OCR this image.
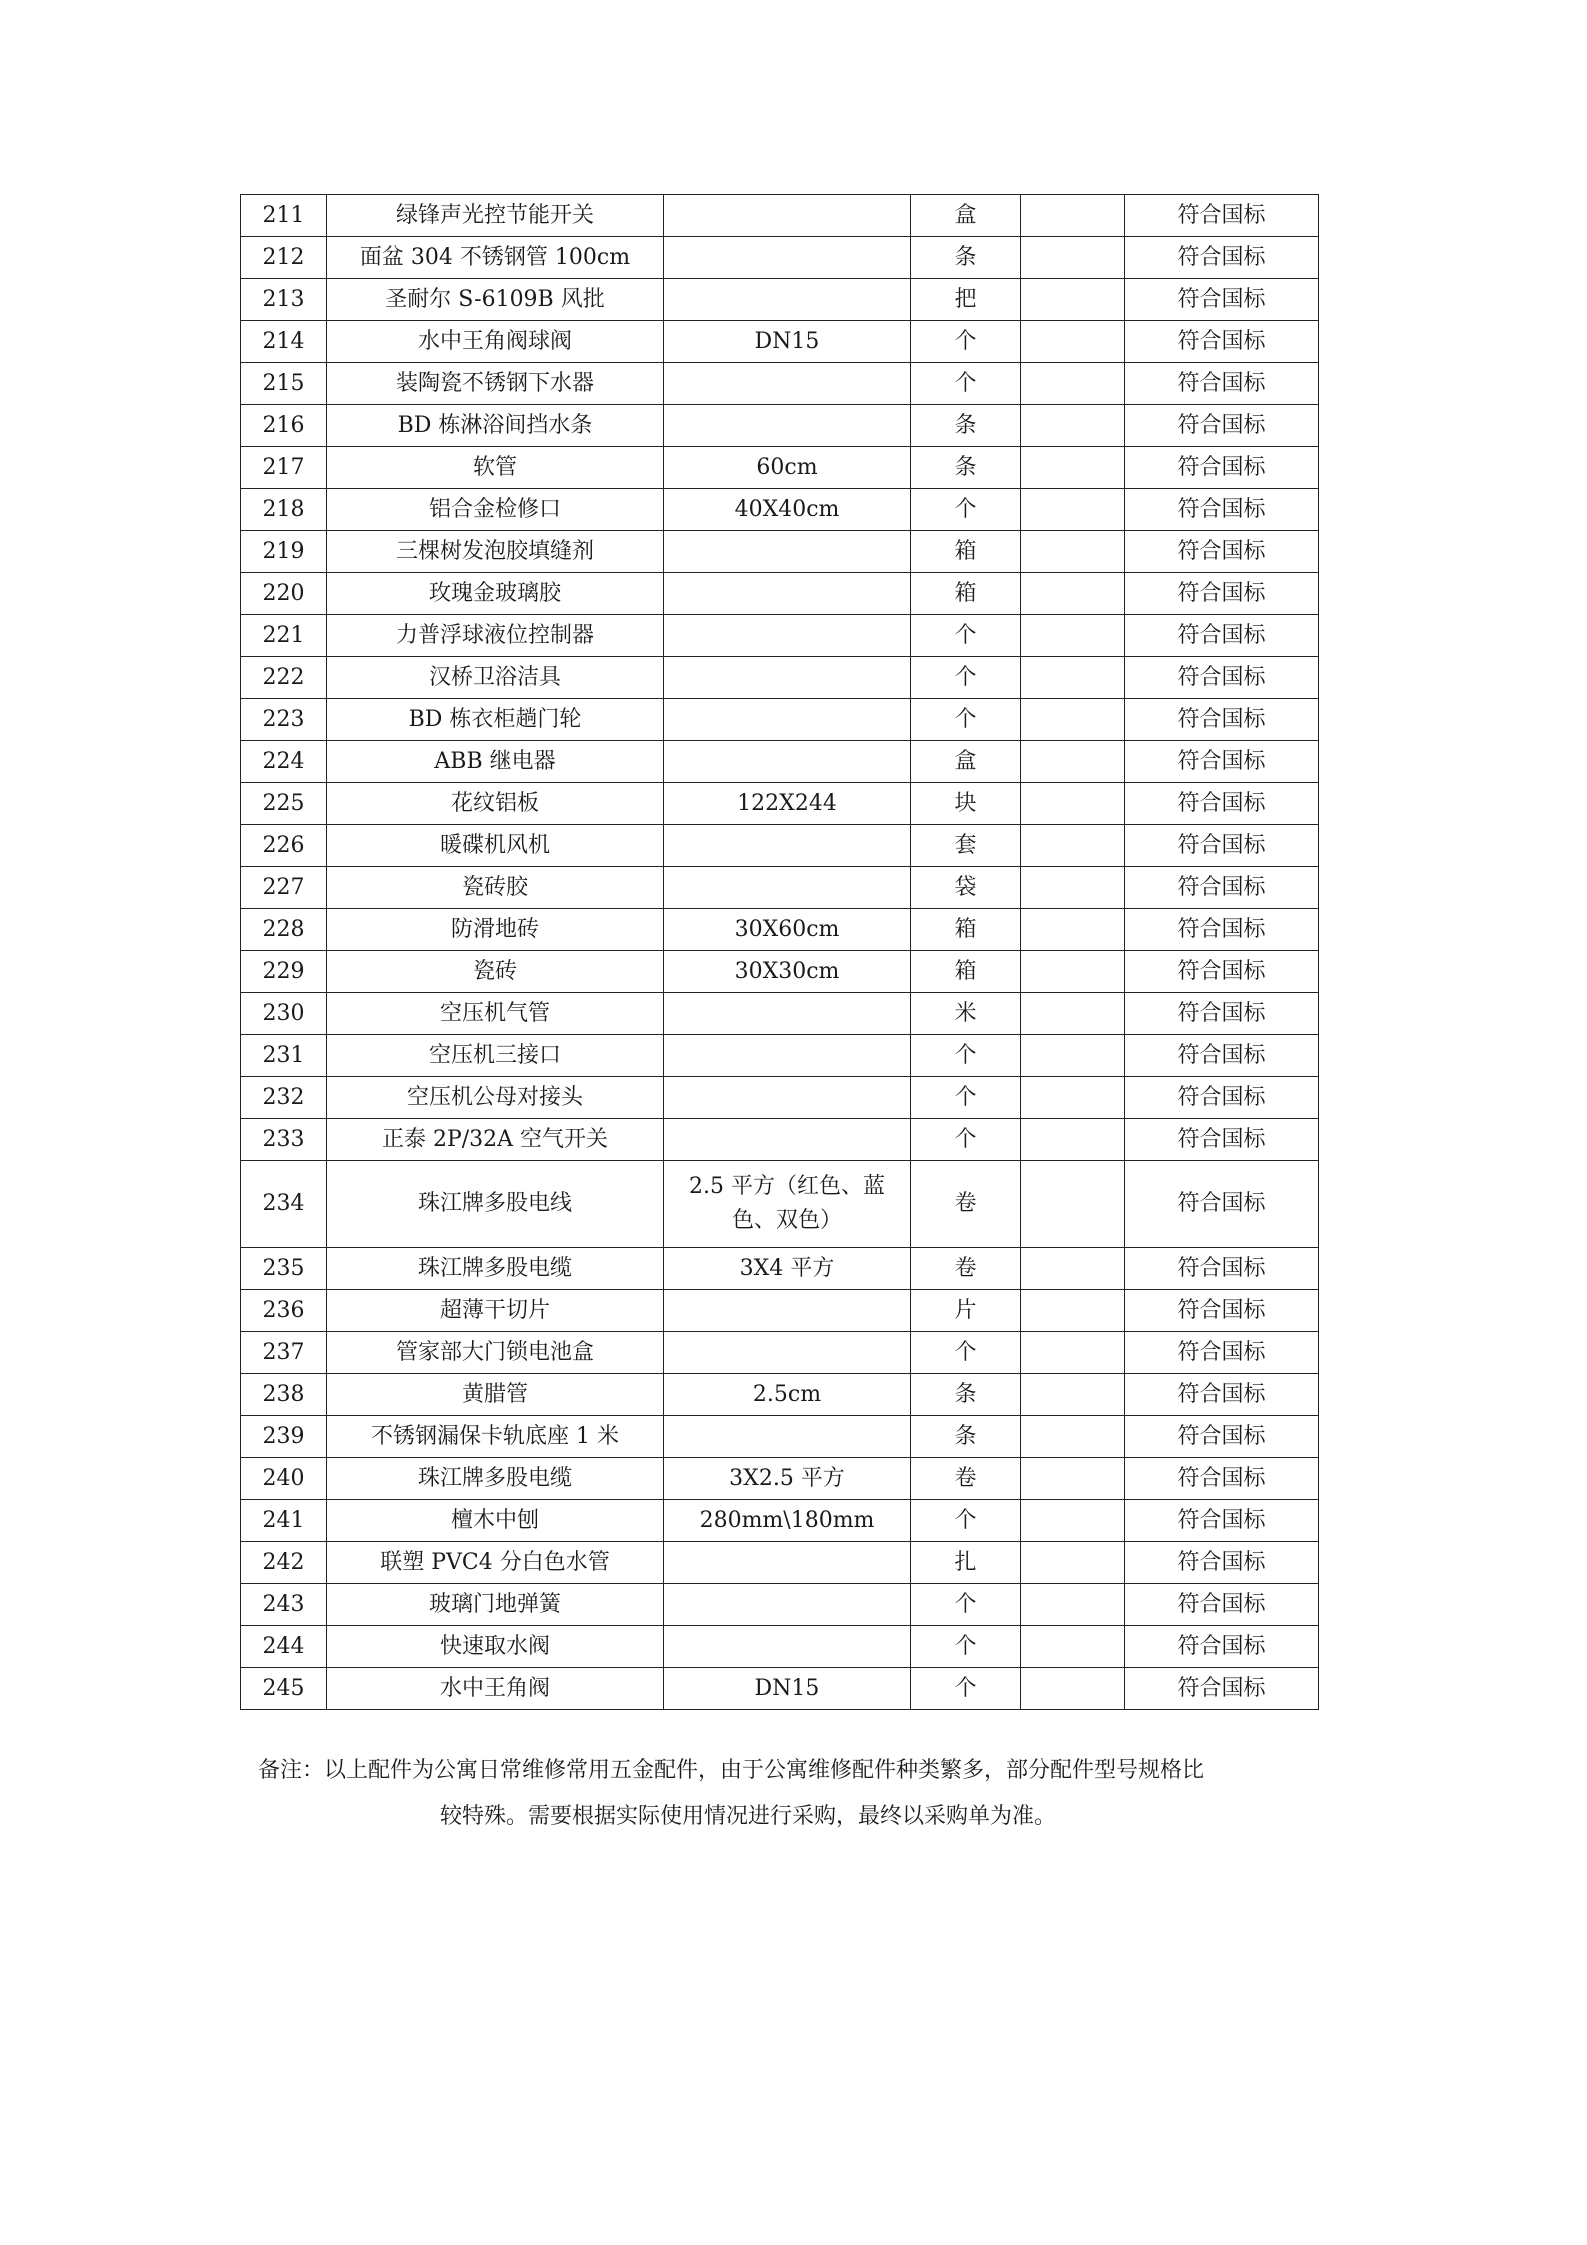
211	绿锋声光控节能开关		盒		符合国标
212	面盆 304 不锈钢管 100cm		条		符合国标
213	圣耐尔 S-6109B 风批		把		符合国标
214	水中王角阀球阀	DN15	个		符合国标
215	装陶瓷不锈钢下水器		个		符合国标
216	BD 栋淋浴间挡水条		条		符合国标
217	软管	60cm	条		符合国标
218	铝合金检修口	40X40cm	个		符合国标
219	三棵树发泡胶填缝剂		箱		符合国标
220	玫瑰金玻璃胶		箱		符合国标
221	力普浮球液位控制器		个		符合国标
222	汉桥卫浴洁具		个		符合国标
223	BD 栋衣柜趟门轮		个		符合国标
224	ABB 继电器		盒		符合国标
225	花纹铝板	122X244	块		符合国标
226	暖碟机风机		套		符合国标
227	瓷砖胶		袋		符合国标
228	防滑地砖	30X60cm	箱		符合国标
229	瓷砖	30X30cm	箱		符合国标
230	空压机气管		米		符合国标
231	空压机三接口		个		符合国标
232	空压机公母对接头		个		符合国标
233	正泰 2P/32A 空气开关		个		符合国标
234	珠江牌多股电线	2.5 平方（红色、蓝色、双色）	卷		符合国标
235	珠江牌多股电缆	3X4 平方	卷		符合国标
236	超薄干切片		片		符合国标
237	管家部大门锁电池盒		个		符合国标
238	黄腊管	2.5cm	条		符合国标
239	不锈钢漏保卡轨底座 1 米		条		符合国标
240	珠江牌多股电缆	3X2.5 平方	卷		符合国标
241	檀木中刨	280mm\180mm	个		符合国标
242	联塑 PVC4 分白色水管		扎		符合国标
243	玻璃门地弹簧		个		符合国标
244	快速取水阀		个		符合国标
245	水中王角阀	DN15	个		符合国标
备注：以上配件为公寓日常维修常用五金配件，由于公寓维修配件种类繁多，部分配件型号规格比
较特殊。需要根据实际使用情况进行采购，最终以采购单为准。
